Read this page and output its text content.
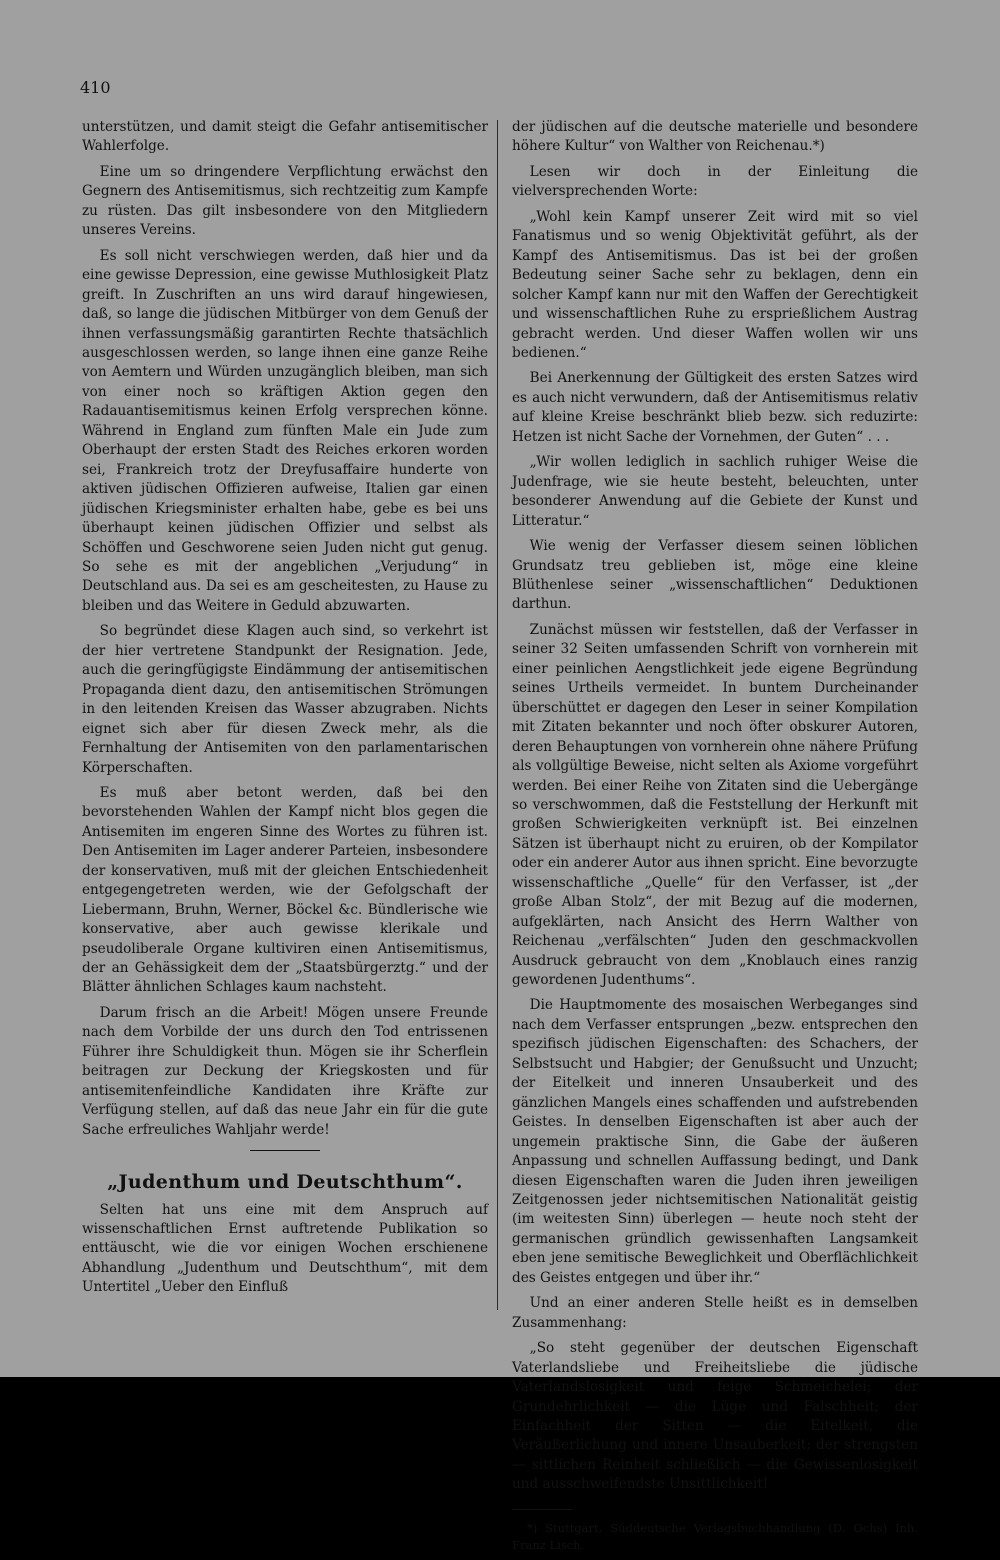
410

unterstützen, und damit steigt die Gefahr antisemitischer Wahlerfolge.

Eine um so dringendere Verpflichtung erwächst den Gegnern des Antisemitismus, sich rechtzeitig zum Kampfe zu rüsten. Das gilt insbesondere von den Mitgliedern unseres Vereins.

Es soll nicht verschwiegen werden, daß hier und da eine gewisse Depression, eine gewisse Muthlosigkeit Platz greift. In Zuschriften an uns wird darauf hingewiesen, daß, so lange die jüdischen Mitbürger von dem Genuß der ihnen verfassungsmäßig garantirten Rechte thatsächlich ausgeschlossen werden, so lange ihnen eine ganze Reihe von Aemtern und Würden unzugänglich bleiben, man sich von einer noch so kräftigen Aktion gegen den Radauantisemitismus keinen Erfolg versprechen könne. Während in England zum fünften Male ein Jude zum Oberhaupt der ersten Stadt des Reiches erkoren worden sei, Frankreich trotz der Dreyfusaffaire hunderte von aktiven jüdischen Offizieren aufweise, Italien gar einen jüdischen Kriegsminister erhalten habe, gebe es bei uns überhaupt keinen jüdischen Offizier und selbst als Schöffen und Geschworene seien Juden nicht gut genug. So sehe es mit der angeblichen „Verjudung“ in Deutschland aus. Da sei es am gescheitesten, zu Hause zu bleiben und das Weitere in Geduld abzuwarten.

So begründet diese Klagen auch sind, so verkehrt ist der hier vertretene Standpunkt der Resignation. Jede, auch die geringfügigste Eindämmung der antisemitischen Propaganda dient dazu, den antisemitischen Strömungen in den leitenden Kreisen das Wasser abzugraben. Nichts eignet sich aber für diesen Zweck mehr, als die Fernhaltung der Antisemiten von den parlamentarischen Körperschaften.

Es muß aber betont werden, daß bei den bevorstehenden Wahlen der Kampf nicht blos gegen die Antisemiten im engeren Sinne des Wortes zu führen ist. Den Antisemiten im Lager anderer Parteien, insbesondere der konservativen, muß mit der gleichen Entschiedenheit entgegengetreten werden, wie der Gefolgschaft der Liebermann, Bruhn, Werner, Böckel &c. Bündlerische wie konservative, aber auch gewisse klerikale und pseudoliberale Organe kultiviren einen Antisemitismus, der an Gehässigkeit dem der „Staatsbürgerztg.“ und der Blätter ähnlichen Schlages kaum nachsteht.

Darum frisch an die Arbeit! Mögen unsere Freunde nach dem Vorbilde der uns durch den Tod entrissenen Führer ihre Schuldigkeit thun. Mögen sie ihr Scherflein beitragen zur Deckung der Kriegskosten und für antisemitenfeindliche Kandidaten ihre Kräfte zur Verfügung stellen, auf daß das neue Jahr ein für die gute Sache erfreuliches Wahljahr werde!

„Judenthum und Deutschthum“.

Selten hat uns eine mit dem Anspruch auf wissenschaftlichen Ernst auftretende Publikation so enttäuscht, wie die vor einigen Wochen erschienene Abhandlung „Judenthum und Deutschthum“, mit dem Untertitel „Ueber den Einfluß

der jüdischen auf die deutsche materielle und besondere höhere Kultur“ von Walther von Reichenau.*)

Lesen wir doch in der Einleitung die vielversprechenden Worte:

„Wohl kein Kampf unserer Zeit wird mit so viel Fanatismus und so wenig Objektivität geführt, als der Kampf des Antisemitismus. Das ist bei der großen Bedeutung seiner Sache sehr zu beklagen, denn ein solcher Kampf kann nur mit den Waffen der Gerechtigkeit und wissenschaftlichen Ruhe zu ersprießlichem Austrag gebracht werden. Und dieser Waffen wollen wir uns bedienen.“

Bei Anerkennung der Gültigkeit des ersten Satzes wird es auch nicht verwundern, daß der Antisemitismus relativ auf kleine Kreise beschränkt blieb bezw. sich reduzirte: Hetzen ist nicht Sache der Vornehmen, der Guten“ . . .

„Wir wollen lediglich in sachlich ruhiger Weise die Judenfrage, wie sie heute besteht, beleuchten, unter besonderer Anwendung auf die Gebiete der Kunst und Litteratur.“

Wie wenig der Verfasser diesem seinen löblichen Grundsatz treu geblieben ist, möge eine kleine Blüthenlese seiner „wissenschaftlichen“ Deduktionen darthun.

Zunächst müssen wir feststellen, daß der Verfasser in seiner 32 Seiten umfassenden Schrift von vornherein mit einer peinlichen Aengstlichkeit jede eigene Begründung seines Urtheils vermeidet. In buntem Durcheinander überschüttet er dagegen den Leser in seiner Kompilation mit Zitaten bekannter und noch öfter obskurer Autoren, deren Behauptungen von vornherein ohne nähere Prüfung als vollgültige Beweise, nicht selten als Axiome vorgeführt werden. Bei einer Reihe von Zitaten sind die Uebergänge so verschwommen, daß die Feststellung der Herkunft mit großen Schwierigkeiten verknüpft ist. Bei einzelnen Sätzen ist überhaupt nicht zu eruiren, ob der Kompilator oder ein anderer Autor aus ihnen spricht. Eine bevorzugte wissenschaftliche „Quelle“ für den Verfasser, ist „der große Alban Stolz“, der mit Bezug auf die modernen, aufgeklärten, nach Ansicht des Herrn Walther von Reichenau „verfälschten“ Juden den geschmackvollen Ausdruck gebraucht von dem „Knoblauch eines ranzig gewordenen Judenthums“.

Die Hauptmomente des mosaischen Werbeganges sind nach dem Verfasser entsprungen „bezw. entsprechen den spezifisch jüdischen Eigenschaften: des Schachers, der Selbstsucht und Habgier; der Genußsucht und Unzucht; der Eitelkeit und inneren Unsauberkeit und des gänzlichen Mangels eines schaffenden und aufstrebenden Geistes. In denselben Eigenschaften ist aber auch der ungemein praktische Sinn, die Gabe der äußeren Anpassung und schnellen Auffassung bedingt, und Dank diesen Eigenschaften waren die Juden ihren jeweiligen Zeitgenossen jeder nichtsemitischen Nationalität geistig (im weitesten Sinn) überlegen — heute noch steht der germanischen gründlich gewissenhaften Langsamkeit eben jene semitische Beweglichkeit und Oberflächlichkeit des Geistes entgegen und über ihr.“

Und an einer anderen Stelle heißt es in demselben Zusammenhang:

„So steht gegenüber der deutschen Eigenschaft Vaterlandsliebe und Freiheitsliebe die jüdische Vaterlandslosigkeit und feige Schmeichelei; der Grundehrlichkeit — die Lüge und Falschheit; der Einfachheit der Sitten — die Eitelkeit, die Veräußerlichung und innere Unsauberkeit; der strengsten — sittlichen Reinheit schließlich — die Gewissenlosigkeit und ausschweifendste Unsittlichkeit!

*) Stuttgart, Süddeutsche Verlagsbuchhandlung (D. Ochs) Inh. Franz Lisch.
